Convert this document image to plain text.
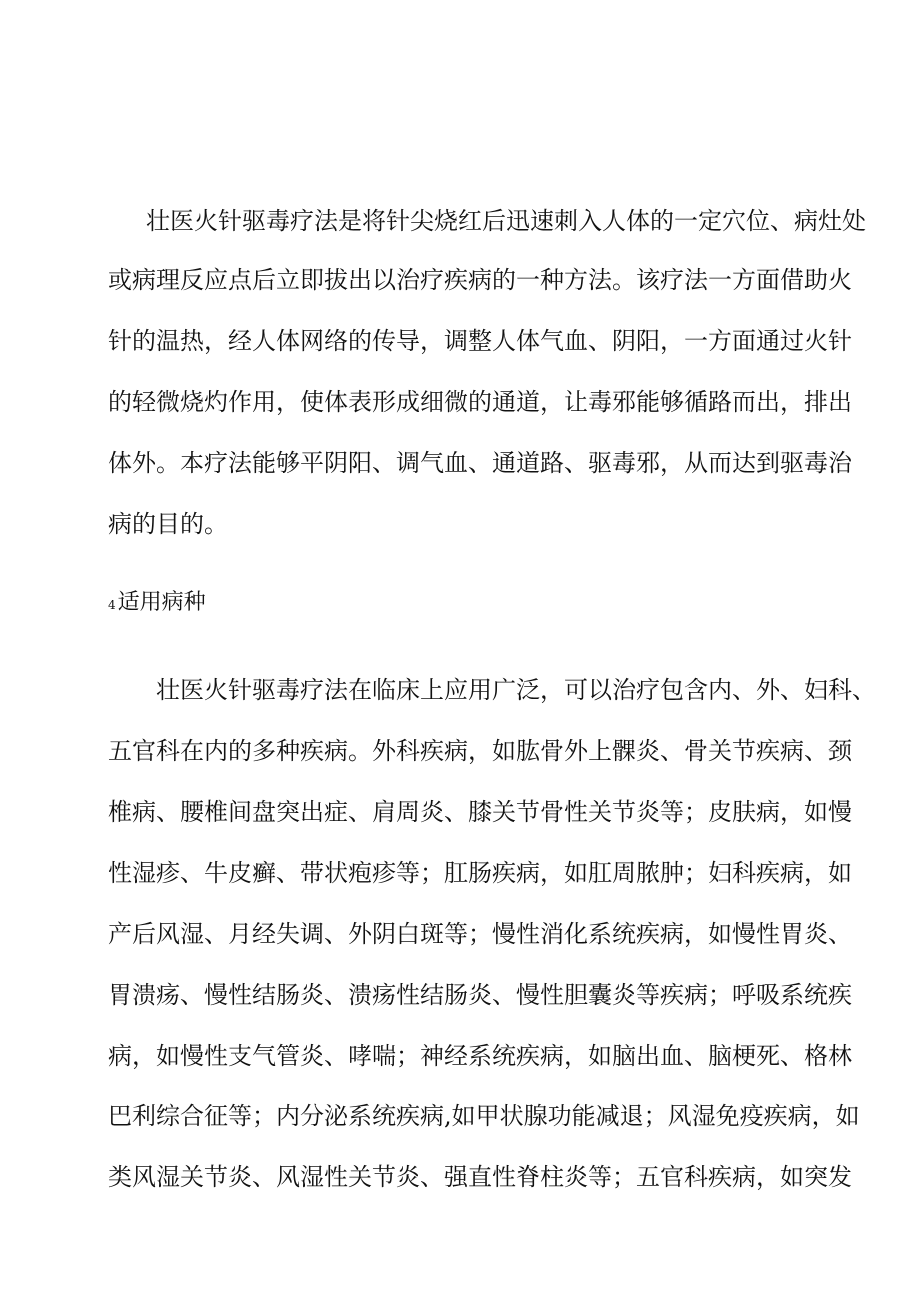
壮医火针驱毒疗法是将针尖烧红后迅速刺入人体的一定穴位、病灶处
或病理反应点后立即拔出以治疗疾病的一种方法。该疗法一方面借助火
针的温热，经人体网络的传导，调整人体气血、阴阳，一方面通过火针
的轻微烧灼作用，使体表形成细微的通道，让毒邪能够循路而出，排出
体外。本疗法能够平阴阳、调气血、通道路、驱毒邪，从而达到驱毒治
病的目的。
4适用病种
壮医火针驱毒疗法在临床上应用广泛，可以治疗包含内、外、妇科、
五官科在内的多种疾病。外科疾病，如肱骨外上髁炎、骨关节疾病、颈
椎病、腰椎间盘突出症、肩周炎、膝关节骨性关节炎等；皮肤病，如慢
性湿疹、牛皮癣、带状疱疹等；肛肠疾病，如肛周脓肿；妇科疾病，如
产后风湿、月经失调、外阴白斑等；慢性消化系统疾病，如慢性胃炎、
胃溃疡、慢性结肠炎、溃疡性结肠炎、慢性胆囊炎等疾病；呼吸系统疾
病，如慢性支气管炎、哮喘；神经系统疾病，如脑出血、脑梗死、格林
巴利综合征等；内分泌系统疾病,如甲状腺功能减退；风湿免疫疾病，如
类风湿关节炎、风湿性关节炎、强直性脊柱炎等；五官科疾病，如突发
